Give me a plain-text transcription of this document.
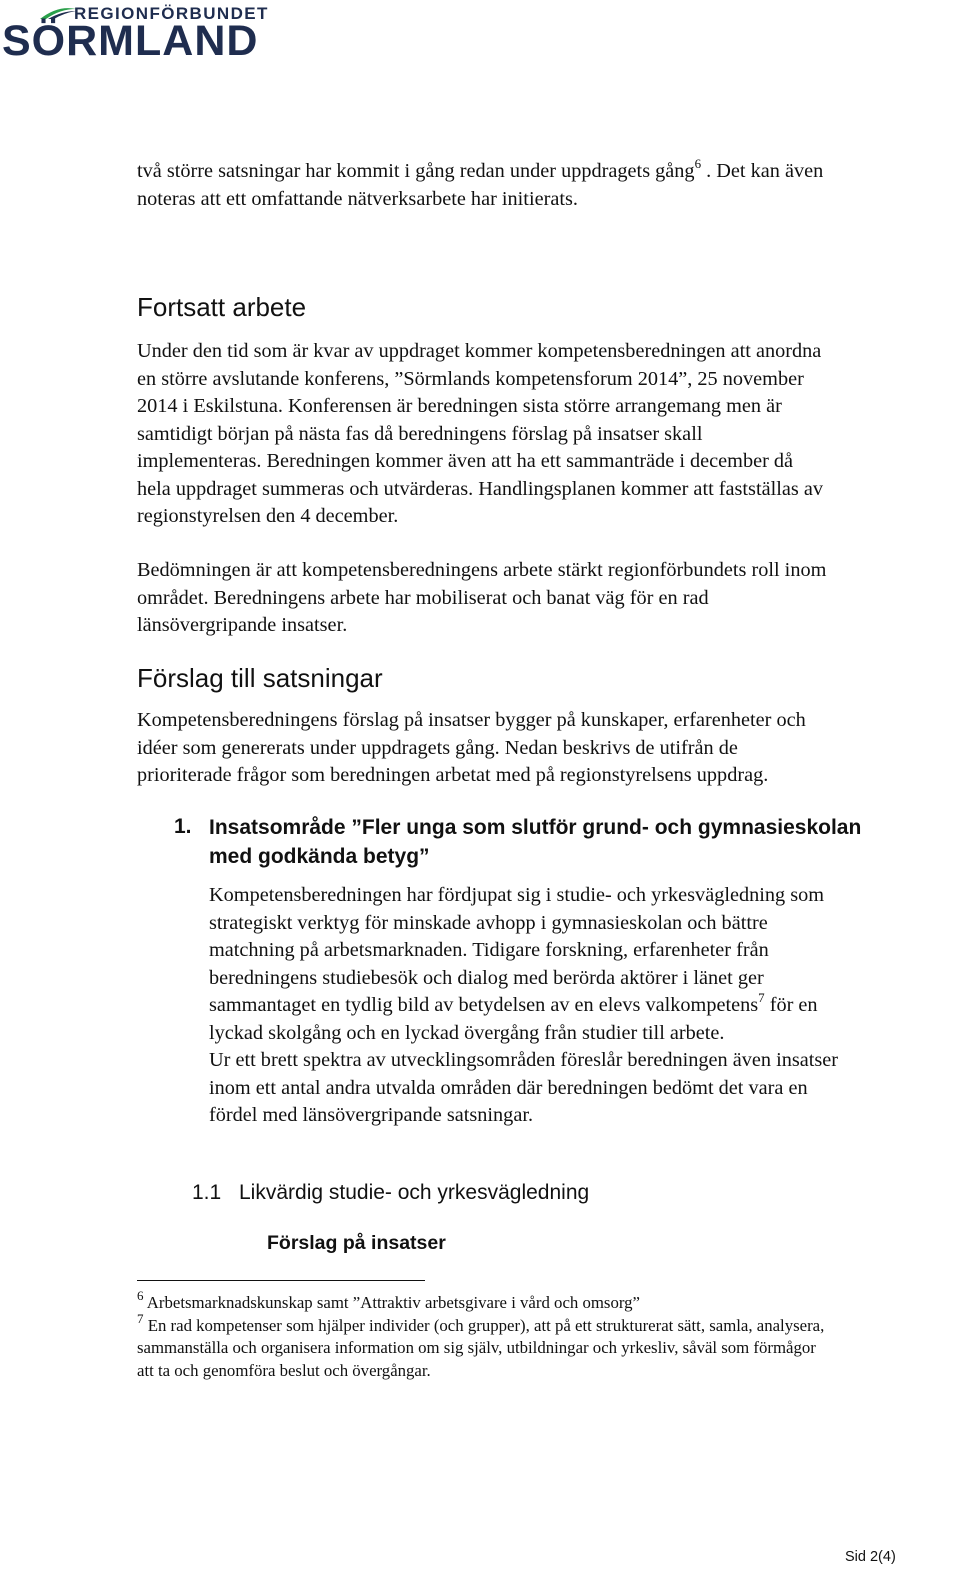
REGIONFÖRBUNDET
SÖRMLAND
två större satsningar har kommit i gång redan under uppdragets gång$^6$ . Det kan även
noteras att ett omfattande nätverksarbete har initierats.
Fortsatt arbete
Under den tid som är kvar av uppdraget kommer kompetensberedningen att anordna
en större avslutande konferens, ”Sörmlands kompetensforum 2014”, 25 november
2014 i Eskilstuna. Konferensen är beredningen sista större arrangemang men är
samtidigt början på nästa fas då beredningens förslag på insatser skall
implementeras. Beredningen kommer även att ha ett sammanträde i december då
hela uppdraget summeras och utvärderas. Handlingsplanen kommer att fastställas av
regionstyrelsen den 4 december.
Bedömningen är att kompetensberedningens arbete stärkt regionförbundets roll inom
området. Beredningens arbete har mobiliserat och banat väg för en rad
länsövergripande insatser.
Förslag till satsningar
Kompetensberedningens förslag på insatser bygger på kunskaper, erfarenheter och
idéer som genererats under uppdragets gång. Nedan beskrivs de utifrån de
prioriterade frågor som beredningen arbetat med på regionstyrelsens uppdrag.
1. Insatsområde ”Fler unga som slutför grund- och gymnasieskolan
med godkända betyg”
Kompetensberedningen har fördjupat sig i studie- och yrkesvägledning som
strategiskt verktyg för minskade avhopp i gymnasieskolan och bättre
matchning på arbetsmarknaden. Tidigare forskning, erfarenheter från
beredningens studiebesök och dialog med berörda aktörer i länet ger
sammantaget en tydlig bild av betydelsen av en elevs valkompetens$^7$ för en
lyckad skolgång och en lyckad övergång från studier till arbete.
Ur ett brett spektra av utvecklingsområden föreslår beredningen även insatser
inom ett antal andra utvalda områden där beredningen bedömt det vara en
fördel med länsövergripande satsningar.
1.1 Likvärdig studie- och yrkesvägledning
Förslag på insatser
$^6$ Arbetsmarknadskunskap samt ”Attraktiv arbetsgivare i vård och omsorg”
$^7$ En rad kompetenser som hjälper individer (och grupper), att på ett strukturerat sätt, samla, analysera,
sammanställa och organisera information om sig själv, utbildningar och yrkesliv, såväl som förmågor
att ta och genomföra beslut och övergångar.
Sid 2(4)
